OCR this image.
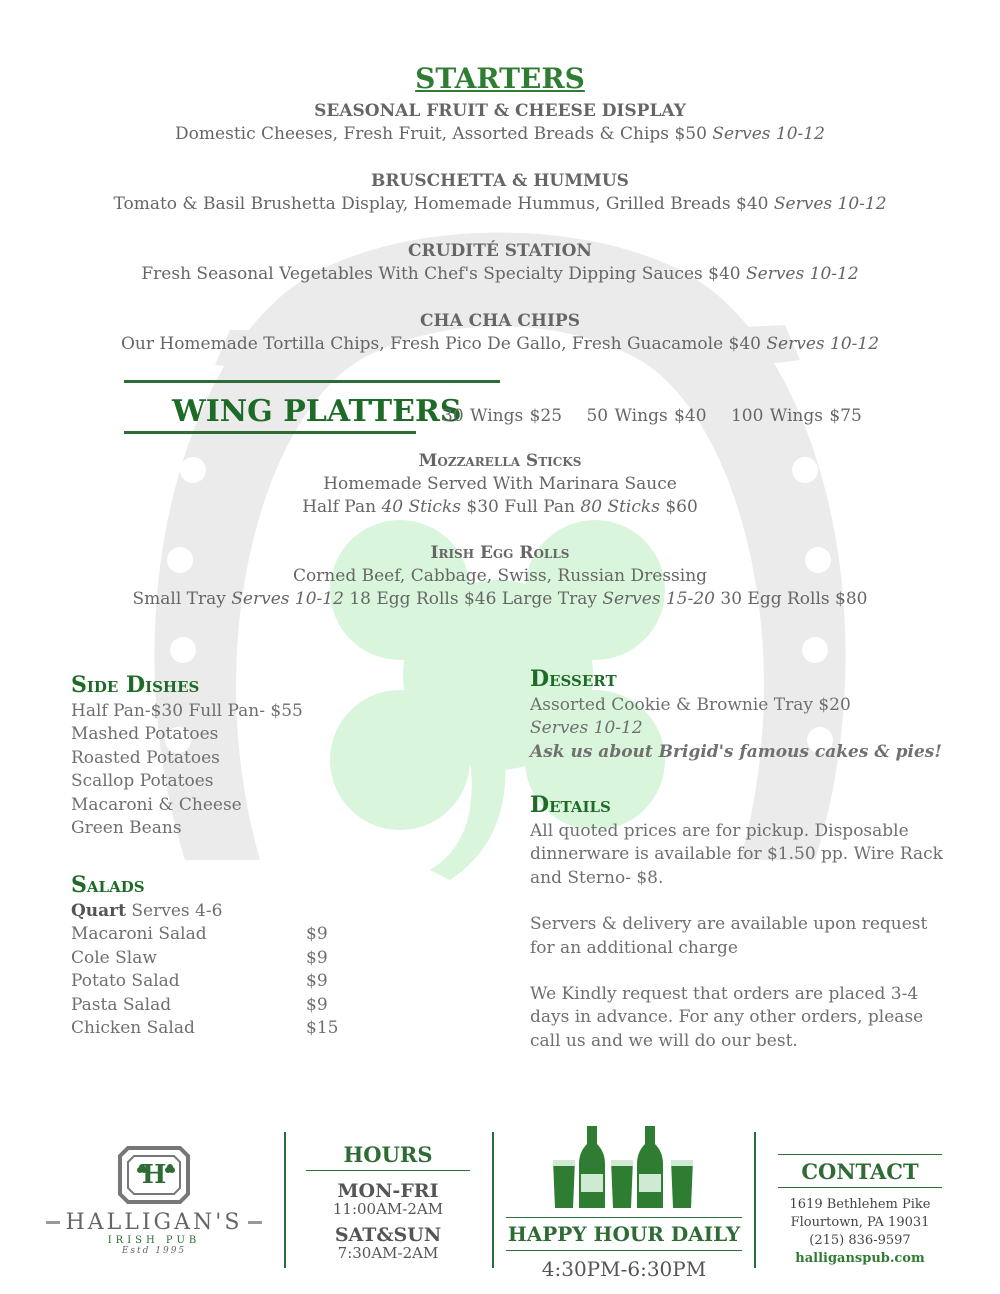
STARTERS
SEASONAL FRUIT & CHEESE DISPLAY
Domestic Cheeses, Fresh Fruit, Assorted Breads & Chips $50 Serves 10-12
BRUSCHETTA & HUMMUS
Tomato & Basil Brushetta Display, Homemade Hummus, Grilled Breads $40 Serves 10-12
CRUDITÉ STATION
Fresh Seasonal Vegetables With Chef's Specialty Dipping Sauces $40 Serves 10-12
CHA CHA CHIPS
Our Homemade Tortilla Chips, Fresh Pico De Gallo, Fresh Guacamole $40 Serves 10-12
WING PLATTERS
30 Wings $25 50 Wings $40 100 Wings $75
Mozzarella Sticks
Homemade Served With Marinara Sauce
Half Pan 40 Sticks $30 Full Pan 80 Sticks $60
Irish Egg Rolls
Corned Beef, Cabbage, Swiss, Russian Dressing
Small Tray Serves 10-12 18 Egg Rolls $46 Large Tray Serves 15-20 30 Egg Rolls $80
Side Dishes
Half Pan-$30 Full Pan- $55
Mashed Potatoes
Roasted Potatoes
Scallop Potatoes
Macaroni & Cheese
Green Beans
Salads
Quart Serves 4-6
Macaroni Salad	$9
Cole Slaw	$9
Potato Salad	$9
Pasta Salad	$9
Chicken Salad	$15
Dessert
Assorted Cookie & Brownie Tray $20
Serves 10-12
Ask us about Brigid's famous cakes & pies!
Details
All quoted prices are for pickup. Disposable
dinnerware is available for $1.50 pp. Wire Rack
and Sterno- $8.
Servers & delivery are available upon request
for an additional charge
We Kindly request that orders are placed 3-4
days in advance. For any other orders, please
call us and we will do our best.
H
HALLIGAN'S
IRISH PUB
Estd 1995
HOURS
MON-FRI
11:00AM-2AM
SAT&SUN
7:30AM-2AM
HAPPY HOUR DAILY
4:30PM-6:30PM
CONTACT
1619 Bethlehem Pike
Flourtown, PA 19031
(215) 836-9597
halliganspub.com
